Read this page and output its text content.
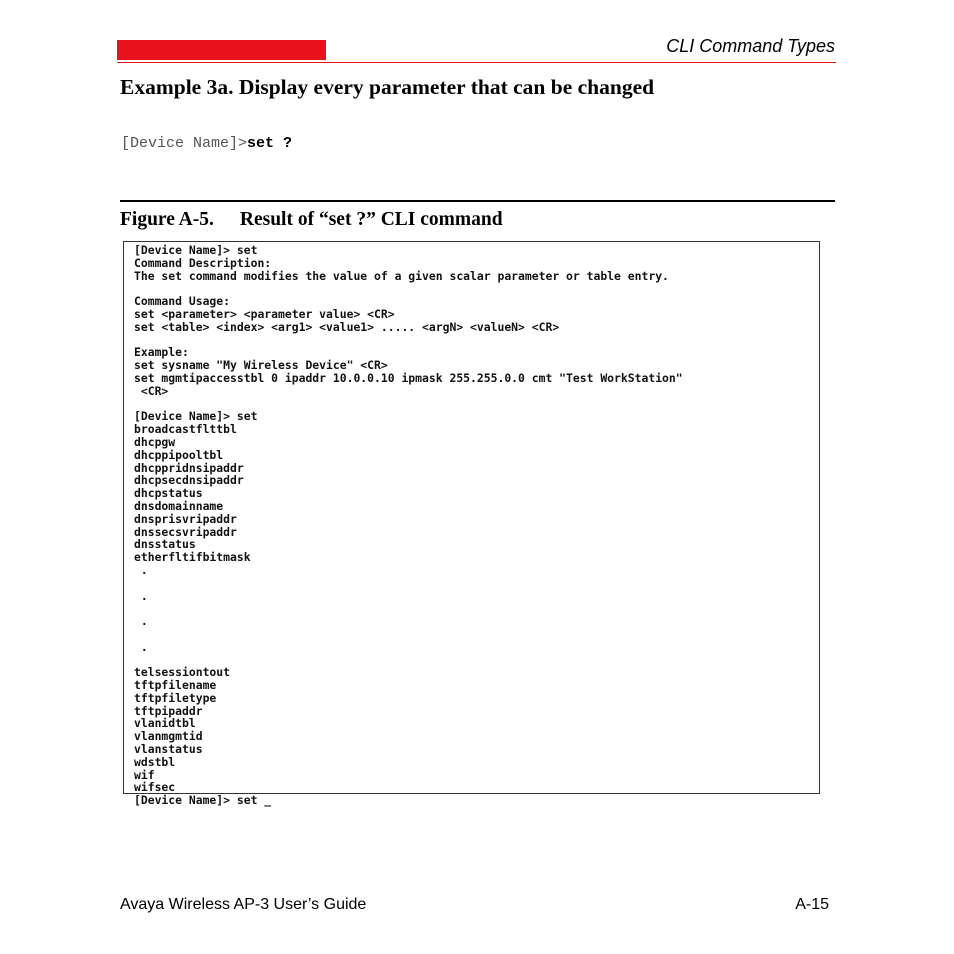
CLI Command Types
Example 3a. Display every parameter that can be changed
[Device Name]>set ?
Figure A-5. Result of “set ?” CLI command
[Device Name]> set
Command Description:
The set command modifies the value of a given scalar parameter or table entry.

Command Usage:
set <parameter> <parameter value> <CR>
set <table> <index> <arg1> <value1> ..... <argN> <valueN> <CR>

Example:
set sysname "My Wireless Device" <CR>
set mgmtipaccesstbl 0 ipaddr 10.0.0.10 ipmask 255.255.0.0 cmt "Test WorkStation"
<CR>

[Device Name]> set
broadcastflttbl
dhcpgw
dhcppipooltbl
dhcppridnsipaddr
dhcpsecdnsipaddr
dhcpstatus
dnsdomainname
dnsprisvripaddr
dnssecsvripaddr
dnsstatus
etherfltifbitmask
.

.

.

.

telsessiontout
tftpfilename
tftpfiletype
tftpipaddr
vlanidtbl
vlanmgmtid
vlanstatus
wdstbl
wif
wifsec
[Device Name]> set _
Avaya Wireless AP-3 User’s Guide	A-15
